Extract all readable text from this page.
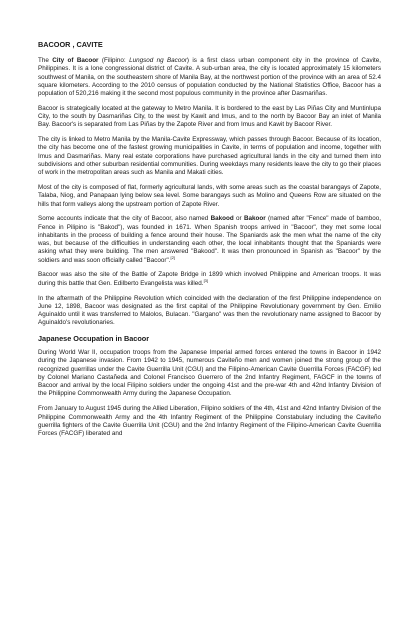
BACOOR , CAVITE

The City of Bacoor (Filipino: Lungsod ng Bacoor) is a first class urban component city in the province of Cavite, Philippines. It is a lone congressional district of Cavite. A sub-urban area, the city is located approximately 15 kilometers southwest of Manila, on the southeastern shore of Manila Bay, at the northwest portion of the province with an area of 52.4 square kilometers. According to the 2010 census of population conducted by the National Statistics Office, Bacoor has a population of 520,216 making it the second most populous community in the province after Dasmariñas.

Bacoor is strategically located at the gateway to Metro Manila. It is bordered to the east by Las Piñas City and Muntinlupa City, to the south by Dasmariñas City, to the west by Kawit and Imus, and to the north by Bacoor Bay an inlet of Manila Bay. Bacoor's is separated from Las Piñas by the Zapote River and from Imus and Kawit by Bacoor River.

The city is linked to Metro Manila by the Manila-Cavite Expressway, which passes through Bacoor. Because of its location, the city has become one of the fastest growing municipalities in Cavite, in terms of population and income, together with Imus and Dasmariñas. Many real estate corporations have purchased agricultural lands in the city and turned them into subdivisions and other suburban residential communities. During weekdays many residents leave the city to go their places of work in the metropolitan areas such as Manila and Makati cities.

Most of the city is composed of flat, formerly agricultural lands, with some areas such as the coastal barangays of Zapote, Talaba, Niog, and Panapaan lying below sea level. Some barangays such as Molino and Queens Row are situated on the hills that form valleys along the upstream portion of Zapote River.

Some accounts indicate that the city of Bacoor, also named Bakood or Bakoor (named after "Fence" made of bamboo, Fence in Pilipino is "Bakod"), was founded in 1671. When Spanish troops arrived in "Bacoor", they met some local inhabitants in the process of building a fence around their house. The Spaniards ask the men what the name of the city was, but because of the difficulties in understanding each other, the local inhabitants thought that the Spaniards were asking what they were building. The men answered "Bakood". It was then pronounced in Spanish as "Bacoor" by the soldiers and was soon officially called "Bacoor".[2]

Bacoor was also the site of the Battle of Zapote Bridge in 1899 which involved Philippine and American troops. It was during this battle that Gen. Edilberto Evangelista was killed.[3]

In the aftermath of the Philippine Revolution which coincided with the declaration of the first Philippine independence on June 12, 1898, Bacoor was designated as the first capital of the Philippine Revolutionary government by Gen. Emilio Aguinaldo until it was transferred to Malolos, Bulacan. "Gargano" was then the revolutionary name assigned to Bacoor by Aguinaldo's revolutionaries.

Japanese Occupation in Bacoor

During World War II, occupation troops from the Japanese Imperial armed forces entered the towns in Bacoor in 1942 during the Japanese invasion. From 1942 to 1945, numerous Caviteño men and women joined the strong group of the recognized guerrillas under the Cavite Guerrilla Unit (CGU) and the Filipino-American Cavite Guerrilla Forces (FACGF) led by Colonel Mariano Castañeda and Colonel Francisco Guerrero of the 2nd Infantry Regiment, FAGCF in the towns of Bacoor and arrival by the local Filipino soldiers under the ongoing 41st and the pre-war 4th and 42nd Infantry Division of the Philippine Commonwealth Army during the Japanese Occupation.

From January to August 1945 during the Allied Liberation, Filipino soldiers of the 4th, 41st and 42nd Infantry Division of the Philippine Commonwealth Army and the 4th Infantry Regiment of the Philippine Constabulary including the Caviteño guerrilla fighters of the Cavite Guerrilla Unit (CGU) and the 2nd Infantry Regiment of the Filipino-American Cavite Guerrilla Forces (FACGF) liberated and
